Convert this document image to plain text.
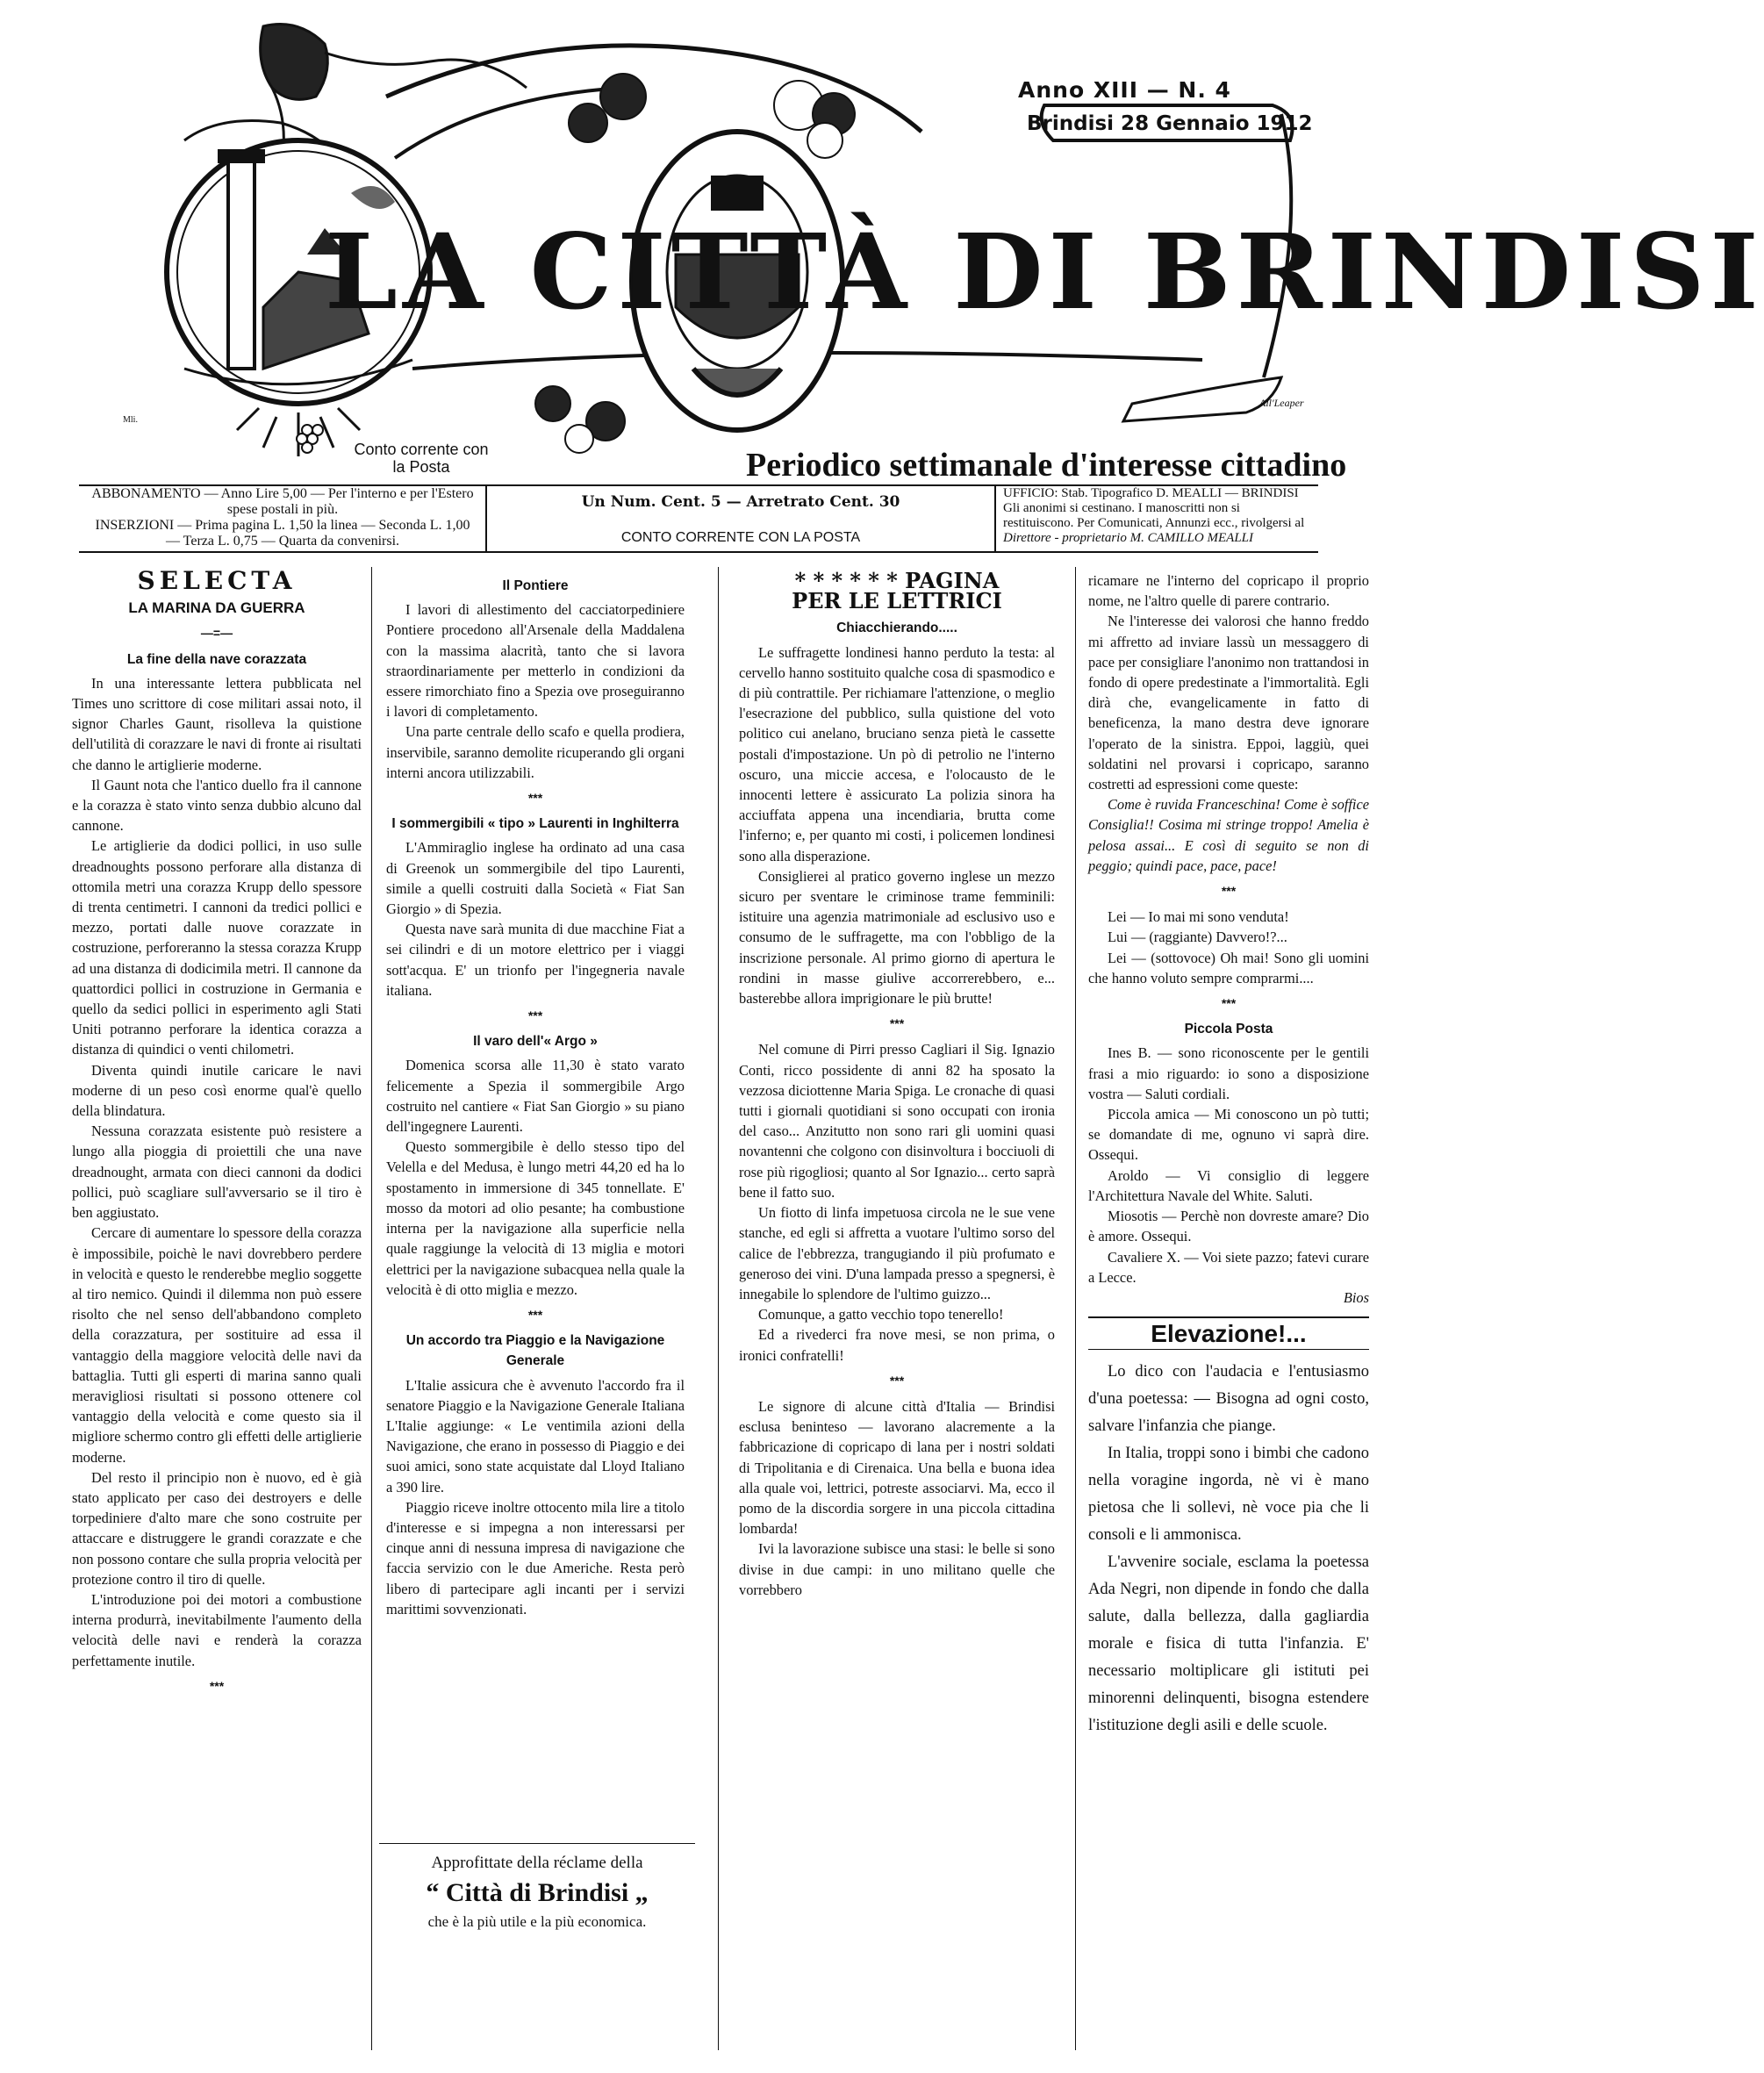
LA CITTÀ DI BRINDISI
Anno XIII — N. 4
Brindisi 28 Gennaio 1912
Conto corrente con la Posta	Periodico settimanale d'interesse cittadino
All'Leaper
Mli.
ABBONAMENTO — Anno Lire 5,00 — Per l'interno e per l'Estero spese postali in più.
INSERZIONI — Prima pagina L. 1,50 la linea — Seconda L. 1,00 — Terza L. 0,75 — Quarta da convenirsi.
Un Num. Cent. 5 — Arretrato Cent. 30
CONTO CORRENTE CON LA POSTA
UFFICIO: Stab. Tipografico D. MEALLI — BRINDISI
Gli anonimi si cestinano. I manoscritti non si restituiscono. Per Comunicati, Annunzi ecc., rivolgersi al
Direttore - proprietario M. CAMILLO MEALLI
SELECTA
LA MARINA DA GUERRA
—=—
La fine della nave corazzata

In una interessante lettera pubblicata nel Times uno scrittore di cose militari assai noto, il signor Charles Gaunt, risolleva la quistione dell'utilità di corazzare le navi di fronte ai risultati che danno le artiglierie moderne.

Il Gaunt nota che l'antico duello fra il cannone e la corazza è stato vinto senza dubbio alcuno dal cannone.

Le artiglierie da dodici pollici, in uso sulle dreadnoughts possono perforare alla distanza di ottomila metri una corazza Krupp dello spessore di trenta centimetri. I cannoni da tredici pollici e mezzo, portati dalle nuove corazzate in costruzione, perforeranno la stessa corazza Krupp ad una distanza di dodicimila metri. Il cannone da quattordici pollici in costruzione in Germania e quello da sedici pollici in esperimento agli Stati Uniti potranno perforare la identica corazza a distanza di quindici o venti chilometri.

Diventa quindi inutile caricare le navi moderne di un peso così enorme qual'è quello della blindatura.

Nessuna corazzata esistente può resistere a lungo alla pioggia di proiettili che una nave dreadnought, armata con dieci cannoni da dodici pollici, può scagliare sull'avversario se il tiro è ben aggiustato.

Cercare di aumentare lo spessore della corazza è impossibile, poichè le navi dovrebbero perdere in velocità e questo le renderebbe meglio soggette al tiro nemico. Quindi il dilemma non può essere risolto che nel senso dell'abbandono completo della corazzatura, per sostituire ad essa il vantaggio della maggiore velocità delle navi da battaglia. Tutti gli esperti di marina sanno quali meravigliosi risultati si possono ottenere col vantaggio della velocità e come questo sia il migliore schermo contro gli effetti delle artiglierie moderne.

Del resto il principio non è nuovo, ed è già stato applicato per caso dei destroyers e delle torpediniere d'alto mare che sono costruite per attaccare e distruggere le grandi corazzate e che non possono contare che sulla propria velocità per protezione contro il tiro di quelle.

L'introduzione poi dei motori a combustione interna produrrà, inevitabilmente l'aumento della velocità delle navi e renderà la corazza perfettamente inutile.

***
Il Pontiere

I lavori di allestimento del cacciatorpediniere Pontiere procedono all'Arsenale della Maddalena con la massima alacrità, tanto che si lavora straordinariamente per metterlo in condizioni da essere rimorchiato fino a Spezia ove proseguiranno i lavori di completamento.

Una parte centrale dello scafo e quella prodiera, inservibile, saranno demolite ricuperando gli organi interni ancora utilizzabili.

***
I sommergibili « tipo » Laurenti in Inghilterra

L'Ammiraglio inglese ha ordinato ad una casa di Greenok un sommergibile del tipo Laurenti, simile a quelli costruiti dalla Società « Fiat San Giorgio » di Spezia.

Questa nave sarà munita di due macchine Fiat a sei cilindri e di un motore elettrico per i viaggi sott'acqua. E' un trionfo per l'ingegneria navale italiana.

***
Il varo dell'« Argo »

Domenica scorsa alle 11,30 è stato varato felicemente a Spezia il sommergibile Argo costruito nel cantiere « Fiat San Giorgio » su piano dell'ingegnere Laurenti.

Questo sommergibile è dello stesso tipo del Velella e del Medusa, è lungo metri 44,20 ed ha lo spostamento in immersione di 345 tonnellate. E' mosso da motori ad olio pesante; ha combustione interna per la navigazione alla superficie nella quale raggiunge la velocità di 13 miglia e motori elettrici per la navigazione subacquea nella quale la velocità è di otto miglia e mezzo.

***
Un accordo tra Piaggio e la Navigazione Generale

L'Italie assicura che è avvenuto l'accordo fra il senatore Piaggio e la Navigazione Generale Italiana L'Italie aggiunge: « Le ventimila azioni della Navigazione, che erano in possesso di Piaggio e dei suoi amici, sono state acquistate dal Lloyd Italiano a 390 lire.

Piaggio riceve inoltre ottocento mila lire a titolo d'interesse e si impegna a non interessarsi per cinque anni di nessuna impresa di navigazione che faccia servizio con le due Americhe. Resta però libero di partecipare agli incanti per i servizi marittimi sovvenzionati.

Approfittate della réclame della
“ Città di Brindisi „
che è la più utile e la più economica.
* * * * * * PAGINA
PER LE LETTRICI
Chiacchierando.....

Le suffragette londinesi hanno perduto la testa: al cervello hanno sostituito qualche cosa di spasmodico e di più contrattile. Per richiamare l'attenzione, o meglio l'esecrazione del pubblico, sulla quistione del voto politico cui anelano, bruciano senza pietà le cassette postali d'impostazione. Un pò di petrolio ne l'interno oscuro, una miccie accesa, e l'olocausto de le innocenti lettere è assicurato La polizia sinora ha acciuffata appena una incendiaria, brutta come l'inferno; e, per quanto mi costi, i policemen londinesi sono alla disperazione.

Consiglierei al pratico governo inglese un mezzo sicuro per sventare le criminose trame femminili: istituire una agenzia matrimoniale ad esclusivo uso e consumo de le suffragette, ma con l'obbligo de la inscrizione personale. Al primo giorno di apertura le rondini in masse giulive accorrerebbero, e... basterebbe allora imprigionare le più brutte!

***

Nel comune di Pirri presso Cagliari il Sig. Ignazio Conti, ricco possidente di anni 82 ha sposato la vezzosa diciottenne Maria Spiga. Le cronache di quasi tutti i giornali quotidiani si sono occupati con ironia del caso... Anzitutto non sono rari gli uomini quasi novantenni che colgono con disinvoltura i bocciuoli di rose più rigogliosi; quanto al Sor Ignazio... certo saprà bene il fatto suo.

Un fiotto di linfa impetuosa circola ne le sue vene stanche, ed egli si affretta a vuotare l'ultimo sorso del calice de l'ebbrezza, trangugiando il più profumato e generoso dei vini. D'una lampada presso a spegnersi, è innegabile lo splendore de l'ultimo guizzo...

Comunque, a gatto vecchio topo tenerello!

Ed a rivederci fra nove mesi, se non prima, o ironici confratelli!

***

Le signore di alcune città d'Italia — Brindisi esclusa beninteso — lavorano alacremente a la fabbricazione di copricapo di lana per i nostri soldati di Tripolitania e di Cirenaica. Una bella e buona idea alla quale voi, lettrici, potreste associarvi. Ma, ecco il pomo de la discordia sorgere in una piccola cittadina lombarda!

Ivi la lavorazione subisce una stasi: le belle si sono divise in due campi: in uno militano quelle che vorrebbero

ricamare ne l'interno del copricapo il proprio nome, ne l'altro quelle di parere contrario.

Ne l'interesse dei valorosi che hanno freddo mi affretto ad inviare lassù un messaggero di pace per consigliare l'anonimo non trattandosi in fondo di opere predestinate a l'immortalità. Egli dirà che, evangelicamente in fatto di beneficenza, la mano destra deve ignorare l'operato de la sinistra. Eppoi, laggiù, quei soldatini nel provarsi i copricapo, saranno costretti ad espressioni come queste:

Come è ruvida Franceschina! Come è soffice Consiglia!! Cosima mi stringe troppo! Amelia è pelosa assai... E così di seguito se non di peggio; quindi pace, pace, pace!

***

Lei — Io mai mi sono venduta!

Lui — (raggiante) Davvero!?...

Lei — (sottovoce) Oh mai! Sono gli uomini che hanno voluto sempre comprarmi....

***
Piccola Posta

Ines B. — sono riconoscente per le gentili frasi a mio riguardo: io sono a disposizione vostra — Saluti cordiali.

Piccola amica — Mi conoscono un pò tutti; se domandate di me, ognuno vi saprà dire. Ossequi.

Aroldo — Vi consiglio di leggere l'Architettura Navale del White. Saluti.

Miosotis — Perchè non dovreste amare? Dio è amore. Ossequi.

Cavaliere X. — Voi siete pazzo; fatevi curare a Lecce.

Bios
Elevazione!...

Lo dico con l'audacia e l'entusiasmo d'una poetessa: — Bisogna ad ogni costo, salvare l'infanzia che piange.

In Italia, troppi sono i bimbi che cadono nella voragine ingorda, nè vi è mano pietosa che li sollevi, nè voce pia che li consoli e li ammonisca.

L'avvenire sociale, esclama la poetessa Ada Negri, non dipende in fondo che dalla salute, dalla bellezza, dalla gagliardia morale e fisica di tutta l'infanzia. E' necessario moltiplicare gli istituti pei minorenni delinquenti, bisogna estendere l'istituzione degli asili e delle scuole.
